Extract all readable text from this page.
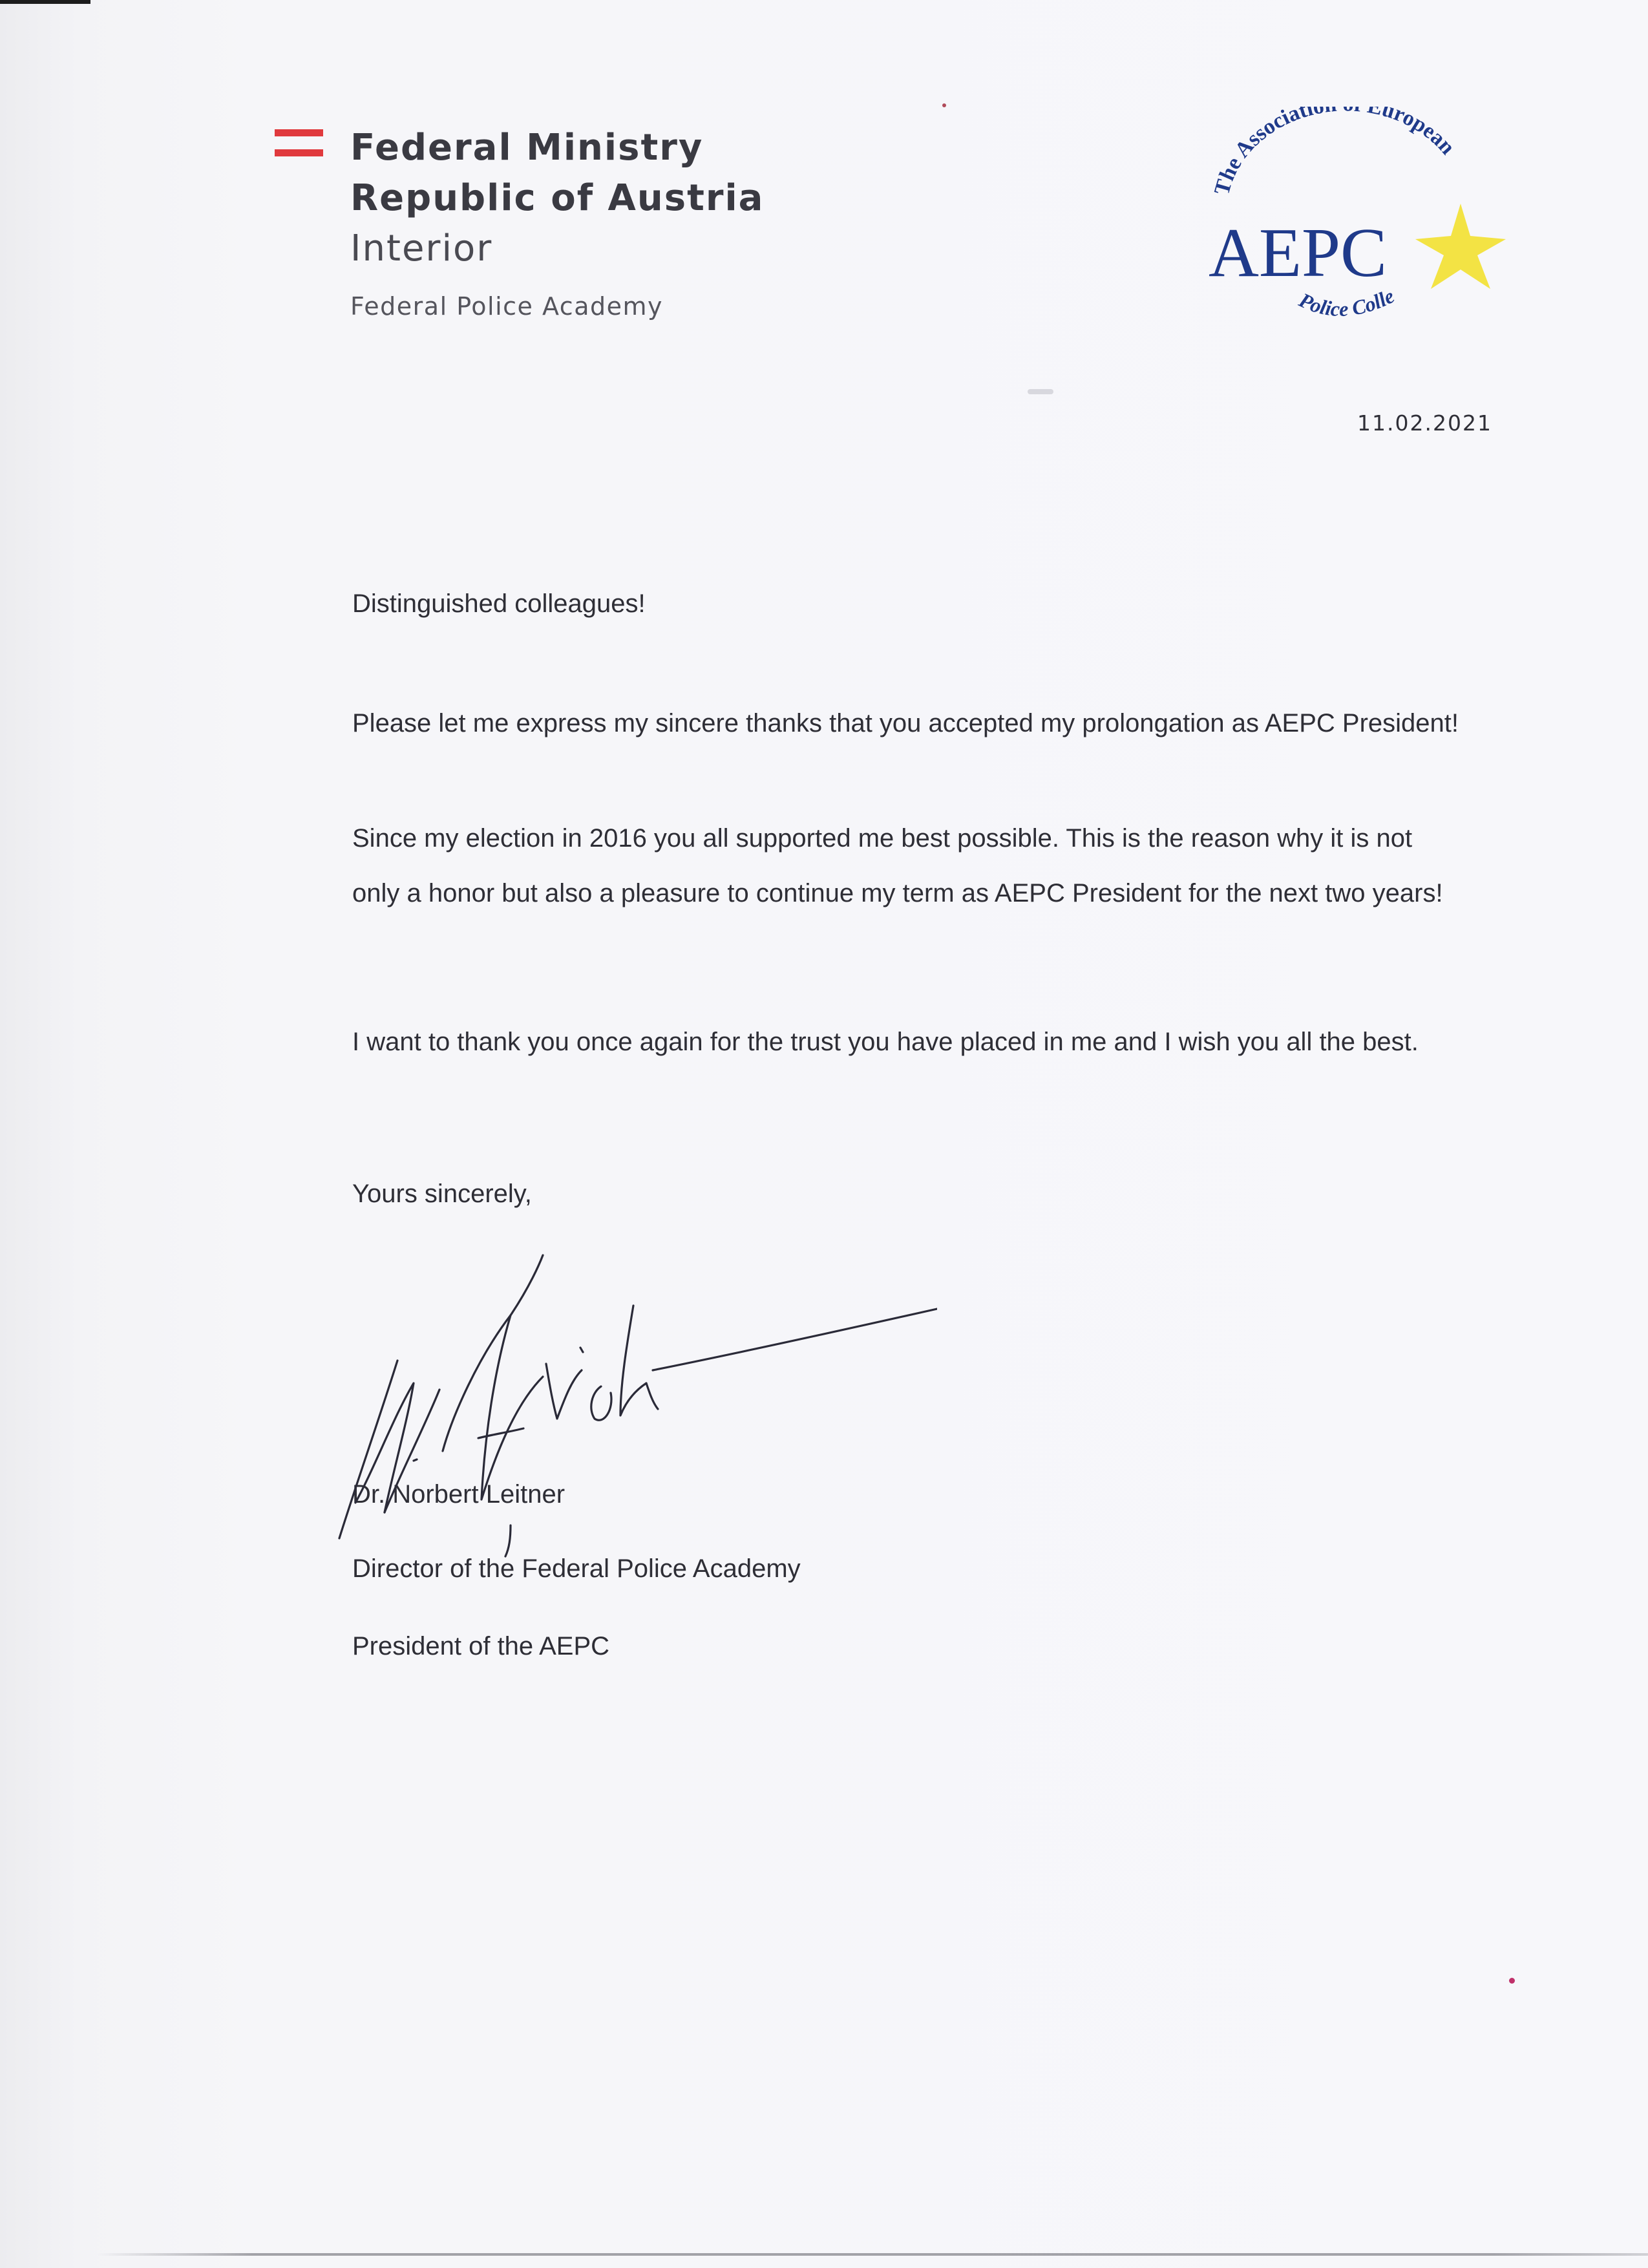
Federal Ministry
Republic of Austria
Interior
Federal Police Academy
The Associatio European
AEPC
Police Colle
11.02.2021
Distinguished colleagues!
Please let me express my sincere thanks that you accepted my prolongation as AEPC President!
Since my election in 2016 you all supported me best possible. This is the reason why it is not
only a honor but also a pleasure to continue my term as AEPC President for the next two years!
I want to thank you once again for the trust you have placed in me and I wish you all the best.
Yours sincerely,
Dr. Norbert Leitner
Director of the Federal Police Academy
President of the AEPC
